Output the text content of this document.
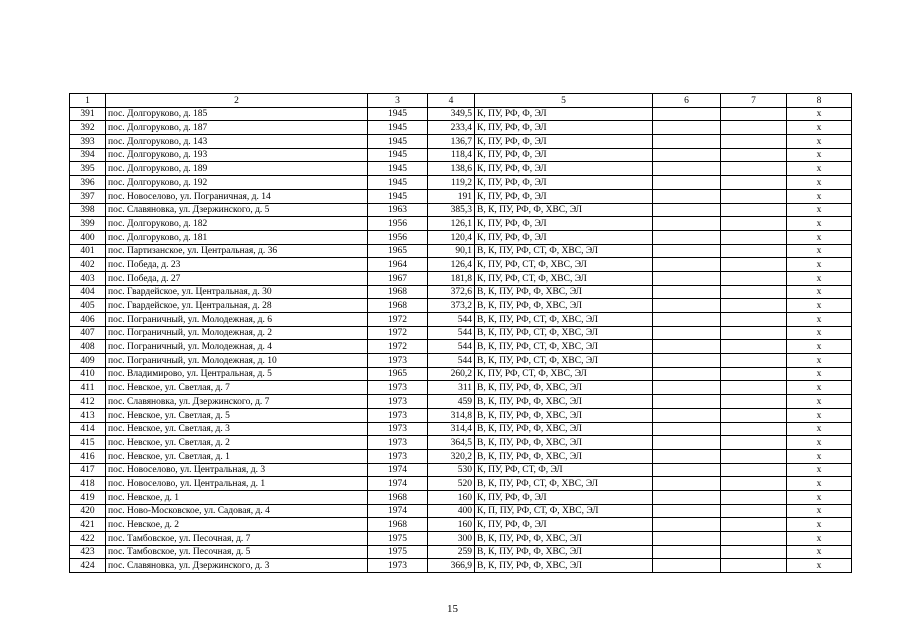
1	2	3	4	5	6	7	8
391	пос. Долгоруково, д. 185	1945	349,5	К, ПУ, РФ, Ф, ЭЛ			х
392	пос. Долгоруково, д. 187	1945	233,4	К, ПУ, РФ, Ф, ЭЛ			х
393	пос. Долгоруково, д. 143	1945	136,7	К, ПУ, РФ, Ф, ЭЛ			х
394	пос. Долгоруково, д. 193	1945	118,4	К, ПУ, РФ, Ф, ЭЛ			х
395	пос. Долгоруково, д. 189	1945	138,6	К, ПУ, РФ, Ф, ЭЛ			х
396	пос. Долгоруково, д. 192	1945	119,2	К, ПУ, РФ, Ф, ЭЛ			х
397	пос. Новоселово, ул. Пограничная, д. 14	1945	191	К, ПУ, РФ, Ф, ЭЛ			х
398	пос. Славяновка, ул. Дзержинского, д. 5	1963	385,3	В, К, ПУ, РФ, Ф, ХВС, ЭЛ			х
399	пос. Долгоруково, д. 182	1956	126,1	К, ПУ, РФ, Ф, ЭЛ			х
400	пос. Долгоруково, д. 181	1956	120,4	К, ПУ, РФ, Ф, ЭЛ			х
401	пос. Партизанское, ул. Центральная, д. 36	1965	90,1	В, К, ПУ, РФ, СТ, Ф, ХВС, ЭЛ			х
402	пос. Победа, д. 23	1964	126,4	К, ПУ, РФ, СТ, Ф, ХВС, ЭЛ			х
403	пос. Победа, д. 27	1967	181,8	К, ПУ, РФ, СТ, Ф, ХВС, ЭЛ			х
404	пос. Гвардейское, ул. Центральная, д. 30	1968	372,6	В, К, ПУ, РФ, Ф, ХВС, ЭЛ			х
405	пос. Гвардейское, ул. Центральная, д. 28	1968	373,2	В, К, ПУ, РФ, Ф, ХВС, ЭЛ			х
406	пос. Пограничный, ул. Молодежная, д. 6	1972	544	В, К, ПУ, РФ, СТ, Ф, ХВС, ЭЛ			х
407	пос. Пограничный, ул. Молодежная, д. 2	1972	544	В, К, ПУ, РФ, СТ, Ф, ХВС, ЭЛ			х
408	пос. Пограничный, ул. Молодежная, д. 4	1972	544	В, К, ПУ, РФ, СТ, Ф, ХВС, ЭЛ			х
409	пос. Пограничный, ул. Молодежная, д. 10	1973	544	В, К, ПУ, РФ, СТ, Ф, ХВС, ЭЛ			х
410	пос. Владимирово, ул. Центральная, д. 5	1965	260,2	К, ПУ, РФ, СТ, Ф, ХВС, ЭЛ			х
411	пос. Невское, ул. Светлая, д. 7	1973	311	В, К, ПУ, РФ, Ф, ХВС, ЭЛ			х
412	пос. Славяновка, ул. Дзержинского, д. 7	1973	459	В, К, ПУ, РФ, Ф, ХВС, ЭЛ			х
413	пос. Невское, ул. Светлая, д. 5	1973	314,8	В, К, ПУ, РФ, Ф, ХВС, ЭЛ			х
414	пос. Невское, ул. Светлая, д. 3	1973	314,4	В, К, ПУ, РФ, Ф, ХВС, ЭЛ			х
415	пос. Невское, ул. Светлая, д. 2	1973	364,5	В, К, ПУ, РФ, Ф, ХВС, ЭЛ			х
416	пос. Невское, ул. Светлая, д. 1	1973	320,2	В, К, ПУ, РФ, Ф, ХВС, ЭЛ			х
417	пос. Новоселово, ул. Центральная, д. 3	1974	530	К, ПУ, РФ, СТ, Ф, ЭЛ			х
418	пос. Новоселово, ул. Центральная, д. 1	1974	520	В, К, ПУ, РФ, СТ, Ф, ХВС, ЭЛ			х
419	пос. Невское, д. 1	1968	160	К, ПУ, РФ, Ф, ЭЛ			х
420	пос. Ново-Московское, ул. Садовая, д. 4	1974	400	К, П, ПУ, РФ, СТ, Ф, ХВС, ЭЛ			х
421	пос. Невское, д. 2	1968	160	К, ПУ, РФ, Ф, ЭЛ			х
422	пос. Тамбовское, ул. Песочная, д. 7	1975	300	В, К, ПУ, РФ, Ф, ХВС, ЭЛ			х
423	пос. Тамбовское, ул. Песочная, д. 5	1975	259	В, К, ПУ, РФ, Ф, ХВС, ЭЛ			х
424	пос. Славяновка, ул. Дзержинского, д. 3	1973	366,9	В, К, ПУ, РФ, Ф, ХВС, ЭЛ			х
15
